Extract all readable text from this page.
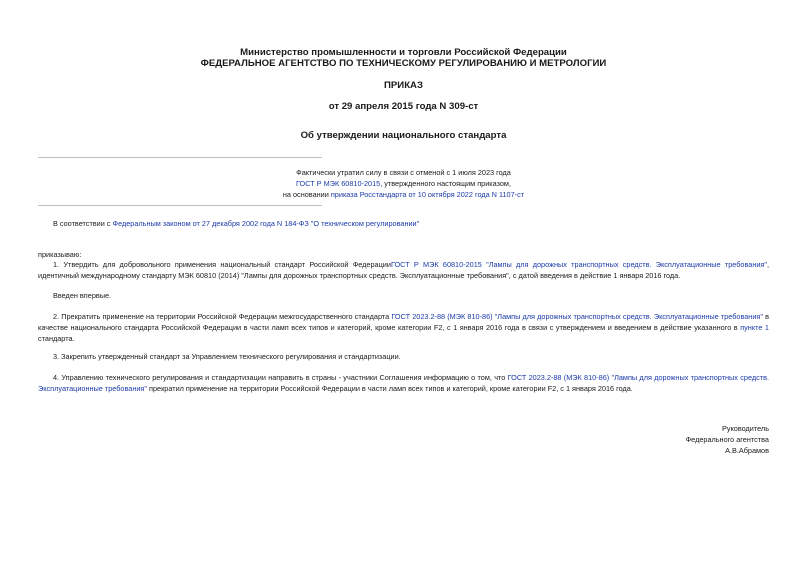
Министерство промышленности и торговли Российской Федерации
ФЕДЕРАЛЬНОЕ АГЕНТСТВО ПО ТЕХНИЧЕСКОМУ РЕГУЛИРОВАНИЮ И МЕТРОЛОГИИ
ПРИКАЗ
от 29 апреля 2015 года N 309-ст
Об утверждении национального стандарта
Фактически утратил силу в связи с отменой с 1 июля 2023 года
ГОСТ Р МЭК 60810-2015, утвержденного настоящим приказом,
на основании приказа Росстандарта от 10 октября 2022 года N 1107-ст

В соответствии с Федеральным законом от 27 декабря 2002 года N 184-ФЗ "О техническом регулировании"

приказываю:

1. Утвердить для добровольного применения национальный стандарт Российской ФедерацииГОСТ Р МЭК 60810-2015 "Лампы для дорожных транспортных средств. Эксплуатационные требования", идентичный международному стандарту МЭК 60810 (2014) "Лампы для дорожных транспортных средств. Эксплуатационные требования", с датой введения в действие 1 января 2016 года.

Введен впервые.

2. Прекратить применение на территории Российской Федерации межгосударственного стандарта ГОСТ 2023.2-88 (МЭК 810-86) "Лампы для дорожных транспортных средств. Эксплуатационные требования" в качестве национального стандарта Российской Федерации в части ламп всех типов и категорий, кроме категории F2, с 1 января 2016 года в связи с утверждением и введением в действие указанного в пункте 1 стандарта.

3. Закрепить утвержденный стандарт за Управлением технического регулирования и стандартизации.

4. Управлению технического регулирования и стандартизации направить в страны - участники Соглашения информацию о том, что ГОСТ 2023.2-88 (МЭК 810-86) "Лампы для дорожных транспортных средств. Эксплуатационные требования" прекратил применение на территории Российской Федерации в части ламп всех типов и категорий, кроме категории F2, с 1 января 2016 года.

Руководитель
Федерального агентства
А.В.Абрамов
